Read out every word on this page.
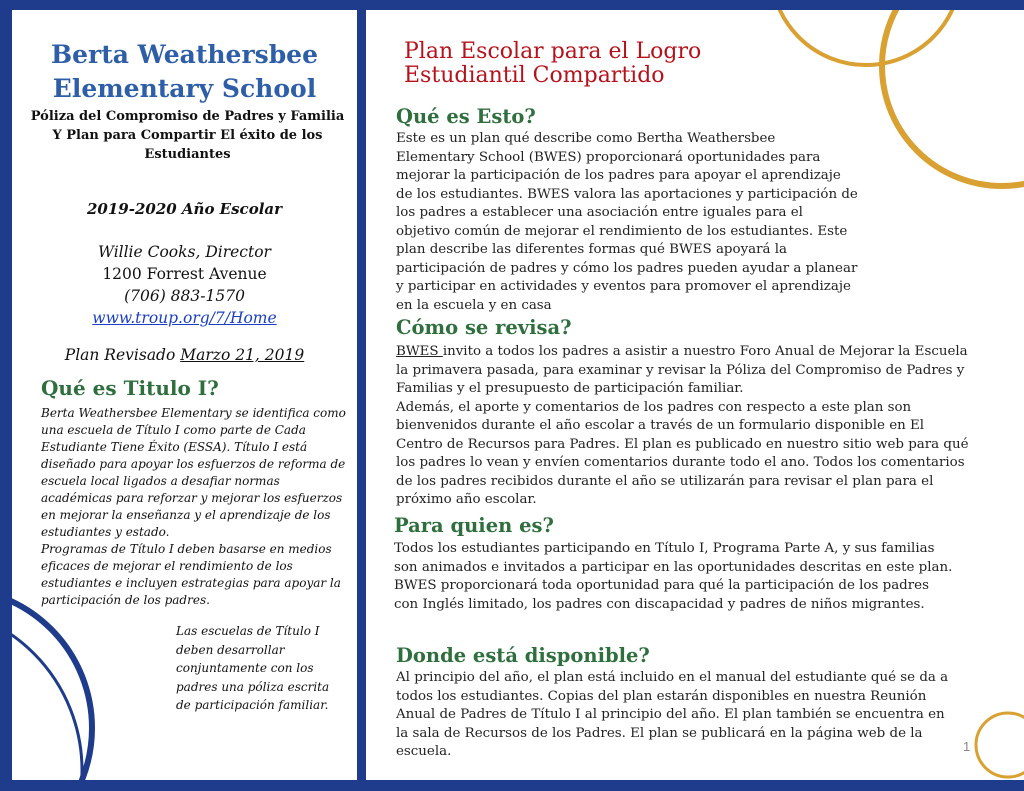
Berta Weathersbee
Elementary School
Póliza del Compromiso de Padres y Familia
Y Plan para Compartir El éxito de los
Estudiantes
2019-2020 Año Escolar
Willie Cooks, Director
1200 Forrest Avenue
(706) 883-1570
www.troup.org/7/Home
Plan Revisado Marzo 21, 2019
Qué es Titulo I?

Berta Weathersbee Elementary se identifica como una escuela de Título I como parte de Cada Estudiante Tiene Éxito (ESSA). Título I está diseñado para apoyar los esfuerzos de reforma de escuela local ligados a desafiar normas académicas para reforzar y mejorar los esfuerzos en mejorar la enseñanza y el aprendizaje de los estudiantes y estado.

Programas de Título I deben basarse en medios eficaces de mejorar el rendimiento de los estudiantes e incluyen estrategias para apoyar la participación de los padres.

Las escuelas de Título I deben desarrollar conjuntamente con los padres una póliza escrita de participación familiar.
Plan Escolar para el Logro
Estudiantil Compartido
Qué es Esto?
Este es un plan qué describe como Bertha Weathersbee Elementary School (BWES) proporcionará oportunidades para mejorar la participación de los padres para apoyar el aprendizaje de los estudiantes. BWES valora las aportaciones y participación de los padres a establecer una asociación entre iguales para el objetivo común de mejorar el rendimiento de los estudiantes. Este plan describe las diferentes formas qué BWES apoyará la participación de padres y cómo los padres pueden ayudar a planear y participar en actividades y eventos para promover el aprendizaje en la escuela y en casa
Cómo se revisa?
BWES invito a todos los padres a asistir a nuestro Foro Anual de Mejorar la Escuela la primavera pasada, para examinar y revisar la Póliza del Compromiso de Padres y Familias y el presupuesto de participación familiar.
Además, el aporte y comentarios de los padres con respecto a este plan son bienvenidos durante el año escolar a través de un formulario disponible en El Centro de Recursos para Padres. El plan es publicado en nuestro sitio web para qué los padres lo vean y envíen comentarios durante todo el ano. Todos los comentarios de los padres recibidos durante el año se utilizarán para revisar el plan para el próximo año escolar.
Para quien es?
Todos los estudiantes participando en Título I, Programa Parte A, y sus familias son animados e invitados a participar en las oportunidades descritas en este plan. BWES proporcionará toda oportunidad para qué la participación de los padres con Inglés limitado, los padres con discapacidad y padres de niños migrantes.
Donde está disponible?
Al principio del año, el plan está incluido en el manual del estudiante qué se da a todos los estudiantes. Copias del plan estarán disponibles en nuestra Reunión Anual de Padres de Título I al principio del año. El plan también se encuentra en la sala de Recursos de los Padres. El plan se publicará en la página web de la escuela.	1
